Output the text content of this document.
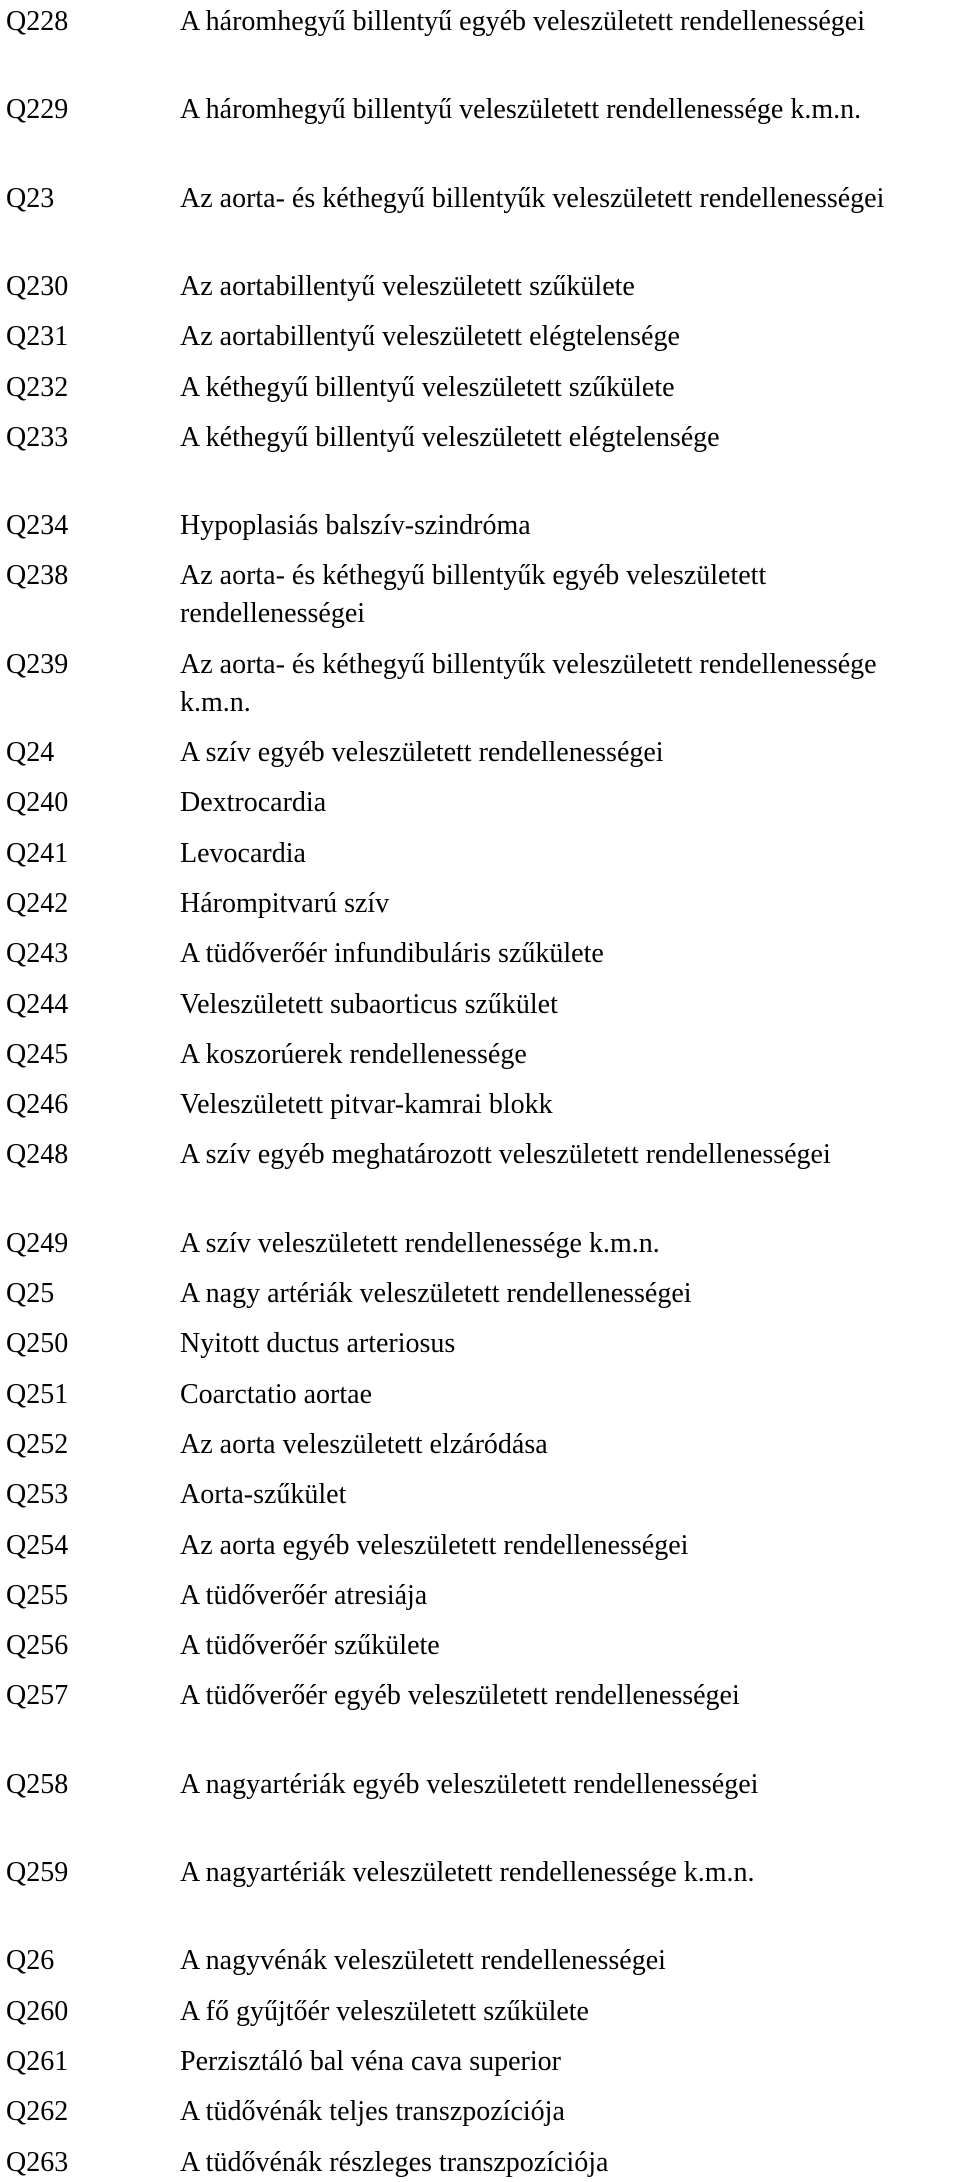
Q228	A háromhegyű billentyű egyéb veleszületett rendellenességei
Q229	A háromhegyű billentyű veleszületett rendellenessége k.m.n.
Q23	Az aorta- és kéthegyű billentyűk veleszületett rendellenességei
Q230	Az aortabillentyű veleszületett szűkülete
Q231	Az aortabillentyű veleszületett elégtelensége
Q232	A kéthegyű billentyű veleszületett szűkülete
Q233	A kéthegyű billentyű veleszületett elégtelensége
Q234	Hypoplasiás balszív-szindróma
Q238	Az aorta- és kéthegyű billentyűk egyéb veleszületett rendellenességei
Q239	Az aorta- és kéthegyű billentyűk veleszületett rendellenessége k.m.n.
Q24	A szív egyéb veleszületett rendellenességei
Q240	Dextrocardia
Q241	Levocardia
Q242	Hárompitvarú szív
Q243	A tüdőverőér infundibuláris szűkülete
Q244	Veleszületett subaorticus szűkület
Q245	A koszorúerek rendellenessége
Q246	Veleszületett pitvar-kamrai blokk
Q248	A szív egyéb meghatározott veleszületett rendellenességei
Q249	A szív veleszületett rendellenessége k.m.n.
Q25	A nagy artériák veleszületett rendellenességei
Q250	Nyitott ductus arteriosus
Q251	Coarctatio aortae
Q252	Az aorta veleszületett elzáródása
Q253	Aorta-szűkület
Q254	Az aorta egyéb veleszületett rendellenességei
Q255	A tüdőverőér atresiája
Q256	A tüdőverőér szűkülete
Q257	A tüdőverőér egyéb veleszületett rendellenességei
Q258	A nagyartériák egyéb veleszületett rendellenességei
Q259	A nagyartériák veleszületett rendellenessége k.m.n.
Q26	A nagyvénák veleszületett rendellenességei
Q260	A fő gyűjtőér veleszületett szűkülete
Q261	Perzisztáló bal véna cava superior
Q262	A tüdővénák teljes transzpozíciója
Q263	A tüdővénák részleges transzpozíciója
